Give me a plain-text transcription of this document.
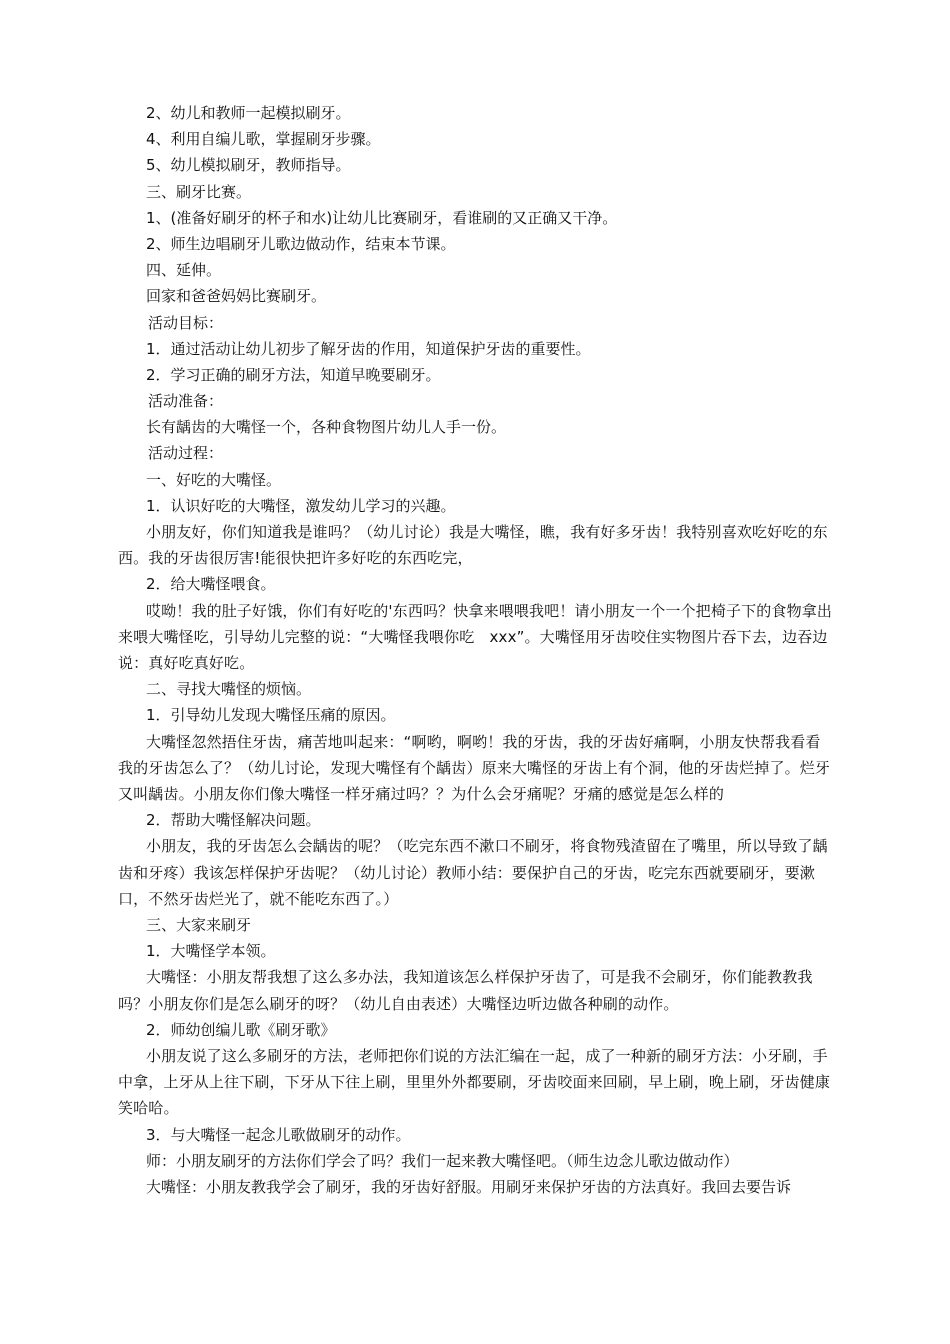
2、幼儿和教师一起模拟刷牙。
4、利用自编儿歌，掌握刷牙步骤。
5、幼儿模拟刷牙，教师指导。
三、刷牙比赛。
1、(准备好刷牙的杯子和水)让幼儿比赛刷牙，看谁刷的又正确又干净。
2、师生边唱刷牙儿歌边做动作，结束本节课。
四、延伸。
回家和爸爸妈妈比赛刷牙。
活动目标：
1．通过活动让幼儿初步了解牙齿的作用，知道保护牙齿的重要性。
2．学习正确的刷牙方法，知道早晚要刷牙。
活动准备：
长有龋齿的大嘴怪一个，各种食物图片幼儿人手一份。
活动过程：
一、好吃的大嘴怪。
1．认识好吃的大嘴怪，激发幼儿学习的兴趣。
小朋友好，你们知道我是谁吗？（幼儿讨论）我是大嘴怪，瞧，我有好多牙齿！我特别喜欢吃好吃的东西。我的牙齿很厉害!能很快把许多好吃的东西吃完，
2．给大嘴怪喂食。
哎呦！我的肚子好饿，你们有好吃的'东西吗？快拿来喂喂我吧！请小朋友一个一个把椅子下的食物拿出来喂大嘴怪吃，引导幼儿完整的说：“大嘴怪我喂你吃　xxx”。大嘴怪用牙齿咬住实物图片吞下去，边吞边说：真好吃真好吃。
二、寻找大嘴怪的烦恼。
1．引导幼儿发现大嘴怪压痛的原因。
大嘴怪忽然捂住牙齿，痛苦地叫起来：“啊哟，啊哟！我的牙齿，我的牙齿好痛啊，小朋友快帮我看看我的牙齿怎么了？（幼儿讨论，发现大嘴怪有个龋齿）原来大嘴怪的牙齿上有个洞，他的牙齿烂掉了。烂牙又叫龋齿。小朋友你们像大嘴怪一样牙痛过吗？？为什么会牙痛呢？牙痛的感觉是怎么样的
2．帮助大嘴怪解决问题。
小朋友，我的牙齿怎么会龋齿的呢？（吃完东西不漱口不刷牙，将食物残渣留在了嘴里，所以导致了龋齿和牙疼）我该怎样保护牙齿呢？（幼儿讨论）教师小结：要保护自己的牙齿，吃完东西就要刷牙，要漱口，不然牙齿烂光了，就不能吃东西了。）
三、大家来刷牙
1．大嘴怪学本领。
大嘴怪：小朋友帮我想了这么多办法，我知道该怎么样保护牙齿了，可是我不会刷牙，你们能教教我吗？小朋友你们是怎么刷牙的呀？（幼儿自由表述）大嘴怪边听边做各种刷的动作。
2．师幼创编儿歌《刷牙歌》
小朋友说了这么多刷牙的方法，老师把你们说的方法汇编在一起，成了一种新的刷牙方法：小牙刷，手中拿，上牙从上往下刷，下牙从下往上刷，里里外外都要刷，牙齿咬面来回刷，早上刷，晚上刷，牙齿健康笑哈哈。
3．与大嘴怪一起念儿歌做刷牙的动作。
师：小朋友刷牙的方法你们学会了吗？我们一起来教大嘴怪吧。（师生边念儿歌边做动作）
大嘴怪：小朋友教我学会了刷牙，我的牙齿好舒服。用刷牙来保护牙齿的方法真好。我回去要告诉
